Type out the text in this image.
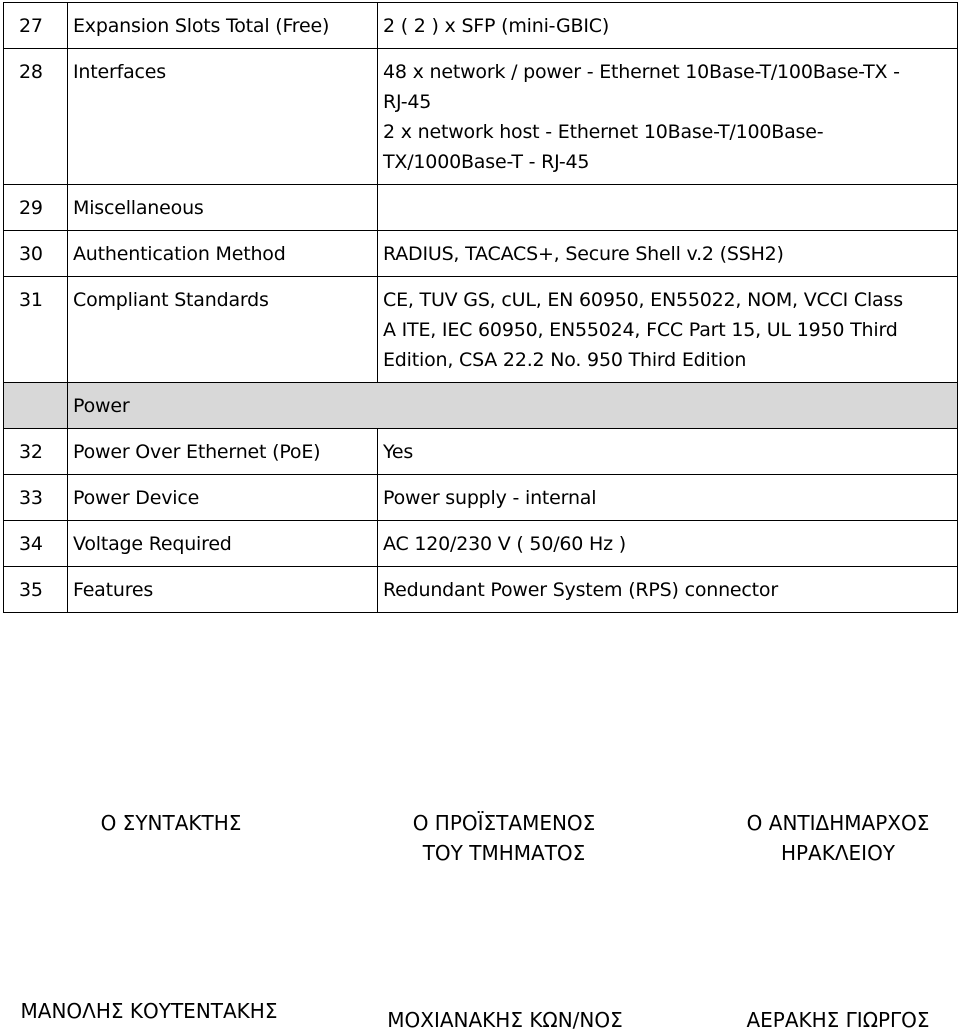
27	Expansion Slots Total (Free)	2 ( 2 ) x SFP (mini-GBIC)

28	Interfaces	48 x network / power - Ethernet 10Base-T/100Base-TX -
RJ-45
2 x network host - Ethernet 10Base-T/100Base-
TX/1000Base-T - RJ-45

29	Miscellaneous	

30	Authentication Method	RADIUS, TACACS+, Secure Shell v.2 (SSH2)

31	Compliant Standards	CE, TUV GS, cUL, EN 60950, EN55022, NOM, VCCI Class
A ITE, IEC 60950, EN55024, FCC Part 15, UL 1950 Third
Edition, CSA 22.2 No. 950 Third Edition

	Power	

32	Power Over Ethernet (PoE)	Yes

33	Power Device	Power supply - internal

34	Voltage Required	AC 120/230 V ( 50/60 Hz )

35	Features	Redundant Power System (RPS) connector
Ο ΣΥΝΤΑΚΤΗΣ	Ο ΠΡΟΪΣΤΑΜΕΝΟΣ
ΤΟΥ ΤΜΗΜΑΤΟΣ
Ο ΑΝΤΙΔΗΜΑΡΧΟΣ
ΗΡΑΚΛΕΙΟΥ
ΜΑΝΟΛΗΣ ΚΟΥΤΕΝΤΑΚΗΣ	ΜΟΧΙΑΝΑΚΗΣ ΚΩΝ/ΝΟΣ	ΑΕΡΑΚΗΣ ΓΙΩΡΓΟΣ
